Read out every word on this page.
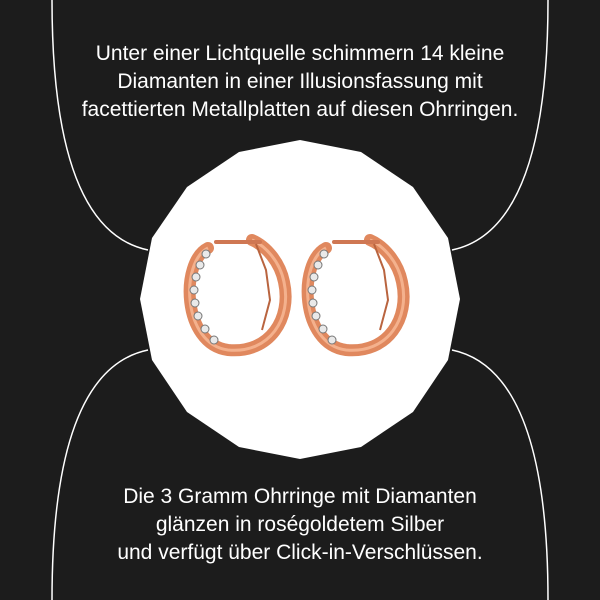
Unter einer Lichtquelle schimmern 14 kleine
Diamanten in einer Illusionsfassung mit
facettierten Metallplatten auf diesen Ohrringen.
Die 3 Gramm Ohrringe mit Diamanten
glänzen in roségoldetem Silber
und verfügt über Click-in-Verschlüssen.
